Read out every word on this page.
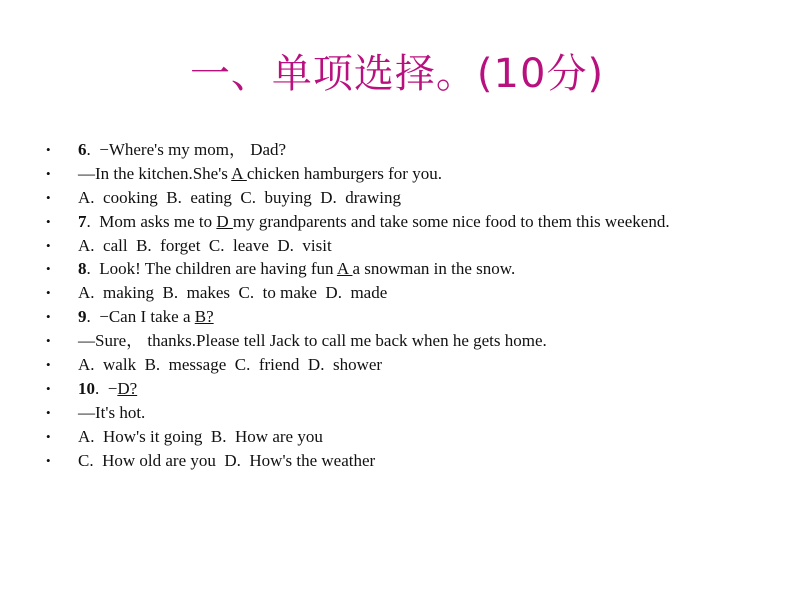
一、单项选择。(10分)
• 6.  −Where's my mom， Dad?
• —In the kitchen.She's A chicken hamburgers for you.
• A.  cooking  B.  eating  C.  buying  D.  drawing
• 7.  Mom asks me to D my grandparents and take some nice food to them this weekend.
• A.  call  B.  forget  C.  leave  D.  visit
• 8.  Look! The children are having fun A a snowman in the snow.
• A.  making  B.  makes  C.  to make  D.  made
• 9.  −Can I take a B?
• —Sure， thanks.Please tell Jack to call me back when he gets home.
• A.  walk  B.  message  C.  friend  D.  shower
• 10.  −D?
• —It's hot.
• A.  How's it going  B.  How are you
• C.  How old are you  D.  How's the weather
